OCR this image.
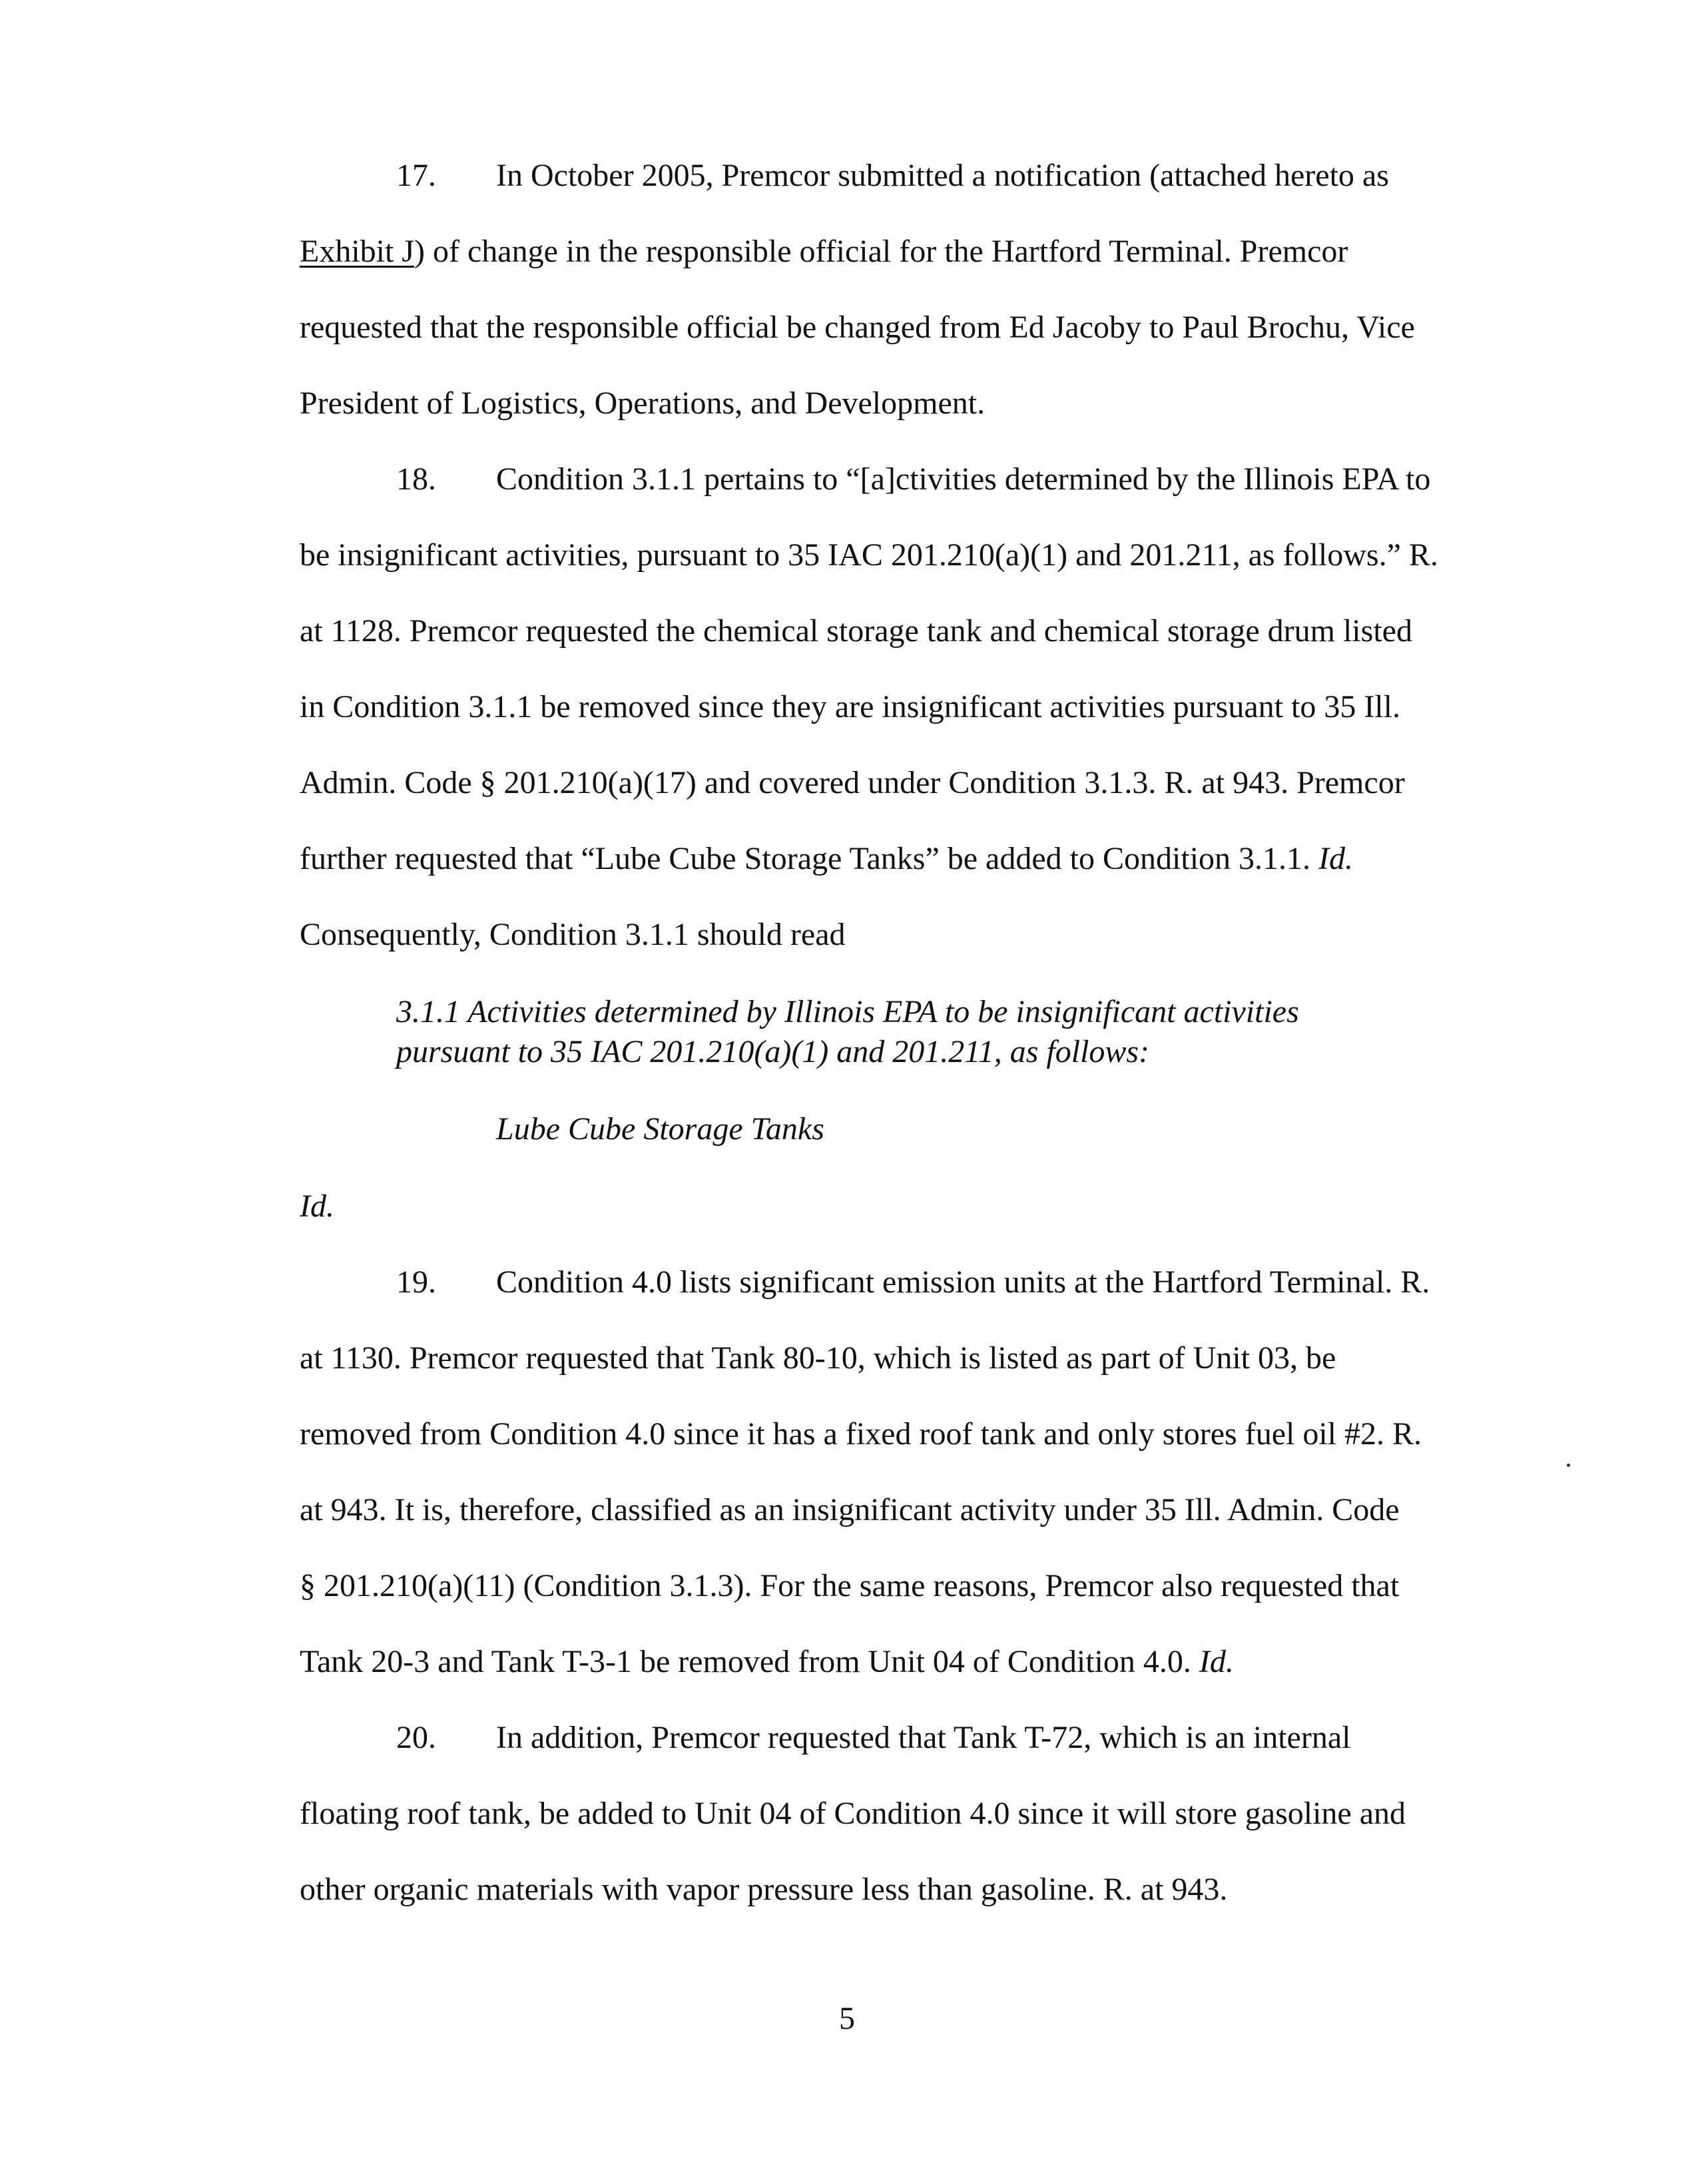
17. In October 2005, Premcor submitted a notification (attached hereto as
Exhibit J) of change in the responsible official for the Hartford Terminal. Premcor
requested that the responsible official be changed from Ed Jacoby to Paul Brochu, Vice
President of Logistics, Operations, and Development.
18. Condition 3.1.1 pertains to “[a]ctivities determined by the Illinois EPA to
be insignificant activities, pursuant to 35 IAC 201.210(a)(1) and 201.211, as follows.” R.
at 1128. Premcor requested the chemical storage tank and chemical storage drum listed
in Condition 3.1.1 be removed since they are insignificant activities pursuant to 35 Ill.
Admin. Code § 201.210(a)(17) and covered under Condition 3.1.3. R. at 943. Premcor
further requested that “Lube Cube Storage Tanks” be added to Condition 3.1.1. Id.
Consequently, Condition 3.1.1 should read
3.1.1 Activities determined by Illinois EPA to be insignificant activities
pursuant to 35 IAC 201.210(a)(1) and 201.211, as follows:
Lube Cube Storage Tanks
Id.
19. Condition 4.0 lists significant emission units at the Hartford Terminal. R.
at 1130. Premcor requested that Tank 80-10, which is listed as part of Unit 03, be
removed from Condition 4.0 since it has a fixed roof tank and only stores fuel oil #2. R.
at 943. It is, therefore, classified as an insignificant activity under 35 Ill. Admin. Code
§ 201.210(a)(11) (Condition 3.1.3). For the same reasons, Premcor also requested that
Tank 20-3 and Tank T-3-1 be removed from Unit 04 of Condition 4.0. Id.
20. In addition, Premcor requested that Tank T-72, which is an internal
floating roof tank, be added to Unit 04 of Condition 4.0 since it will store gasoline and
other organic materials with vapor pressure less than gasoline. R. at 943.
5
